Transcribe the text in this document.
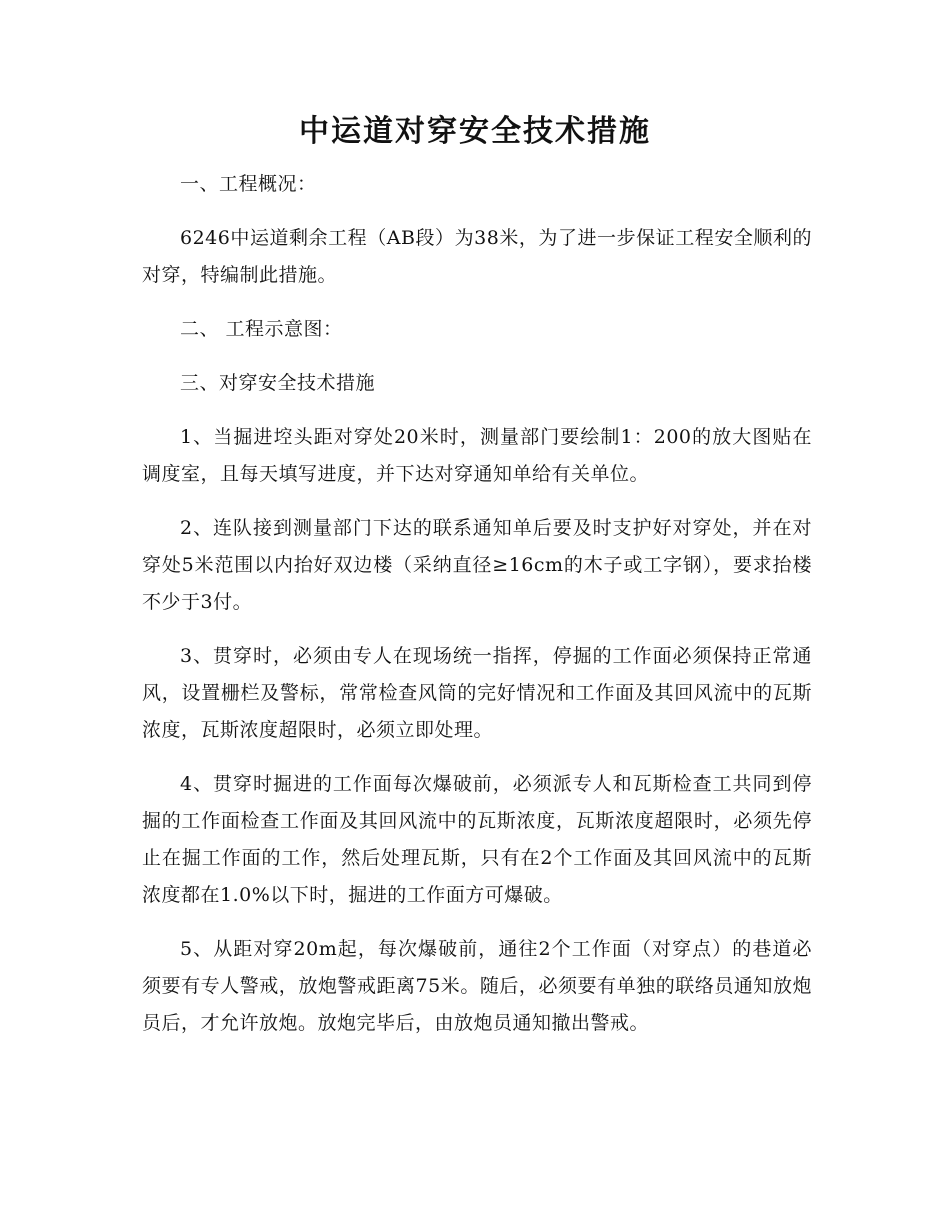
中运道对穿安全技术措施

一、工程概况：

6246中运道剩余工程（AB段）为38米，为了进一步保证工程安全顺利的对穿，特编制此措施。

二、 工程示意图：

三、对穿安全技术措施

1、当掘进埪头距对穿处20米时，测量部门要绘制1：200的放大图贴在调度室，且每天填写进度，并下达对穿通知单给有关单位。

2、连队接到测量部门下达的联系通知单后要及时支护好对穿处，并在对穿处5米范围以内抬好双边楼（采纳直径≥16cm的木子或工字钢），要求抬楼不少于3付。

3、贯穿时，必须由专人在现场统一指挥，停掘的工作面必须保持正常通风，设置栅栏及警标，常常检查风筒的完好情况和工作面及其回风流中的瓦斯浓度，瓦斯浓度超限时，必须立即处理。

4、贯穿时掘进的工作面每次爆破前，必须派专人和瓦斯检查工共同到停掘的工作面检查工作面及其回风流中的瓦斯浓度，瓦斯浓度超限时，必须先停止在掘工作面的工作，然后处理瓦斯，只有在2个工作面及其回风流中的瓦斯浓度都在1.0%以下时，掘进的工作面方可爆破。

5、从距对穿20m起，每次爆破前，通往2个工作面（对穿点）的巷道必须要有专人警戒，放炮警戒距离75米。随后，必须要有单独的联络员通知放炮员后，才允许放炮。放炮完毕后，由放炮员通知撤出警戒。
